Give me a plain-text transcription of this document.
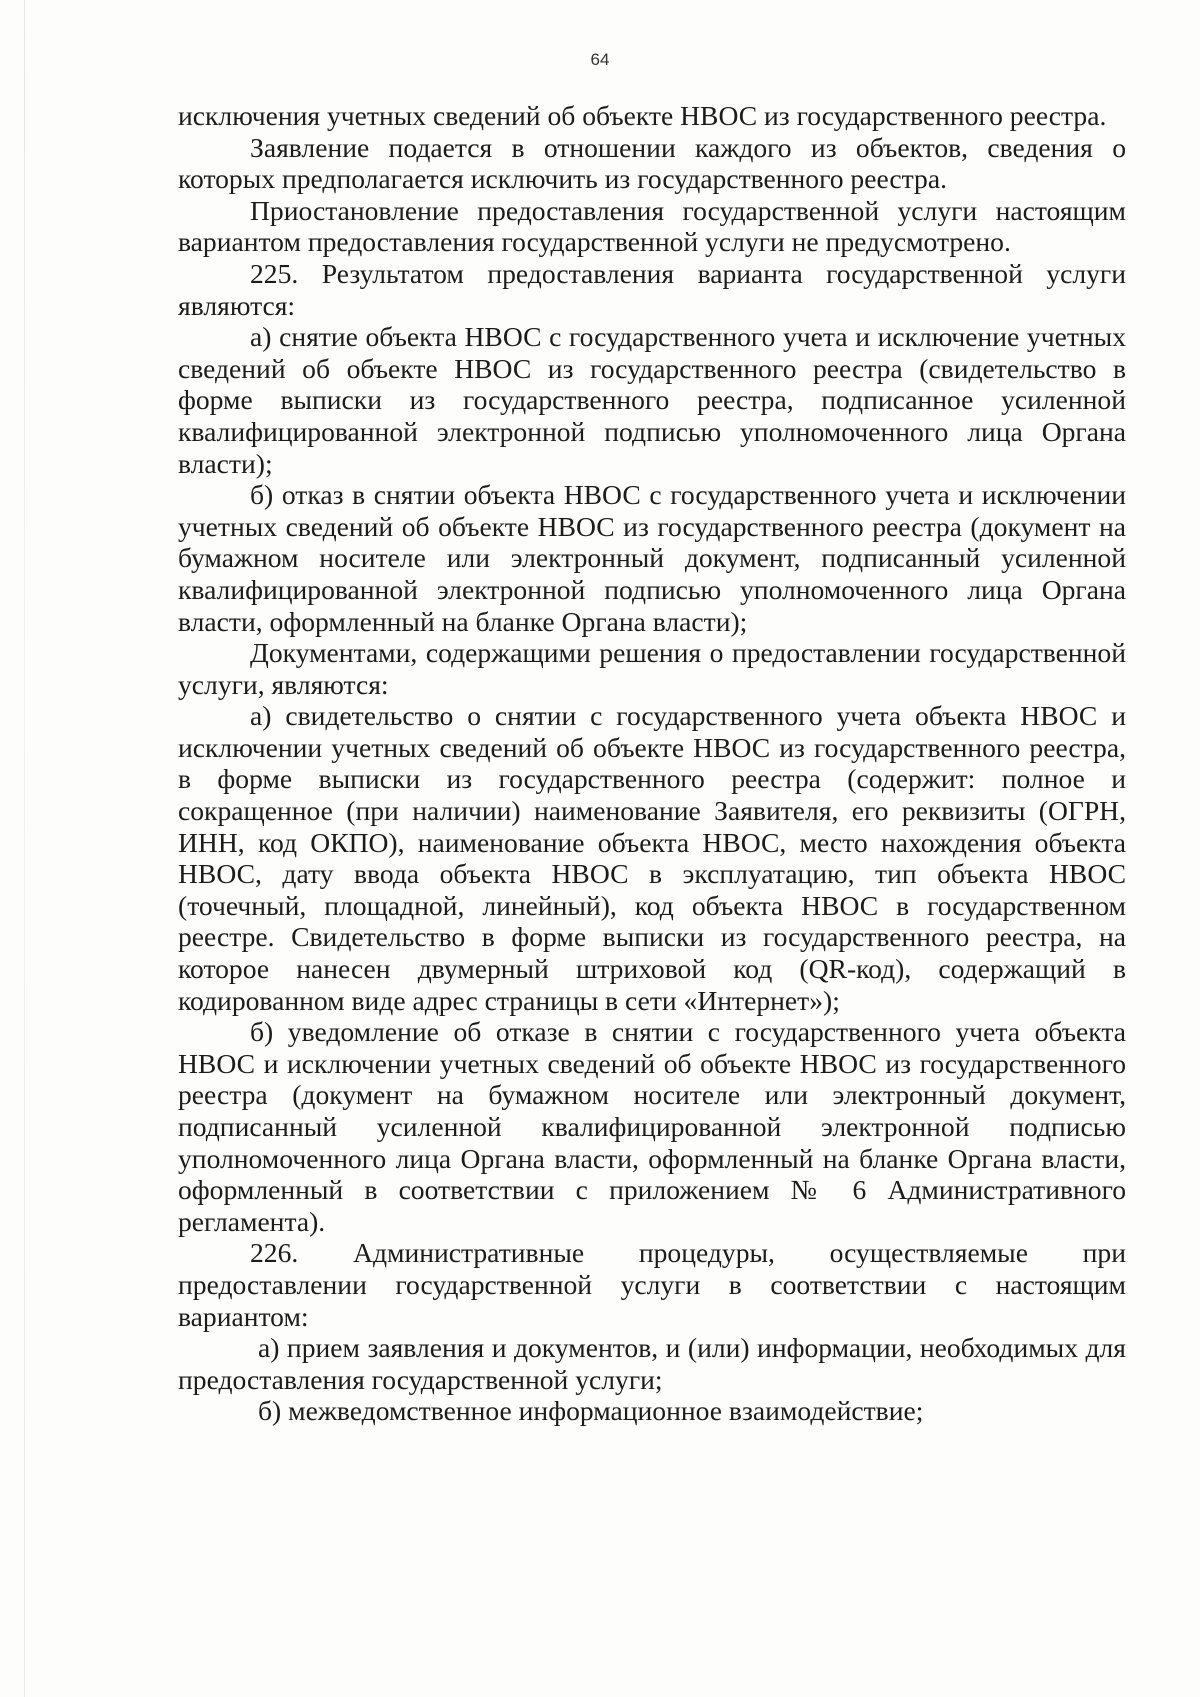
64

исключения учетных сведений об объекте НВОС из государственного реестра.

Заявление подается в отношении каждого из объектов, сведения о которых предполагается исключить из государственного реестра.

Приостановление предоставления государственной услуги настоящим вариантом предоставления государственной услуги не предусмотрено.

225. Результатом предоставления варианта государственной услуги являются:

а) снятие объекта НВОС с государственного учета и исключение учетных сведений об объекте НВОС из государственного реестра (свидетельство в форме выписки из государственного реестра, подписанное усиленной квалифицированной электронной подписью уполномоченного лица Органа власти);

б) отказ в снятии объекта НВОС с государственного учета и исключении учетных сведений об объекте НВОС из государственного реестра (документ на бумажном носителе или электронный документ, подписанный усиленной квалифицированной электронной подписью уполномоченного лица Органа власти, оформленный на бланке Органа власти);

Документами, содержащими решения о предоставлении государственной услуги, являются:

а) свидетельство о снятии с государственного учета объекта НВОС и исключении учетных сведений об объекте НВОС из государственного реестра, в форме выписки из государственного реестра (содержит: полное и сокращенное (при наличии) наименование Заявителя, его реквизиты (ОГРН, ИНН, код ОКПО), наименование объекта НВОС, место нахождения объекта НВОС, дату ввода объекта НВОС в эксплуатацию, тип объекта НВОС (точечный, площадной, линейный), код объекта НВОС в государственном реестре. Свидетельство в форме выписки из государственного реестра, на которое нанесен двумерный штриховой код (QR-код), содержащий в кодированном виде адрес страницы в сети «Интернет»);

б) уведомление об отказе в снятии с государственного учета объекта НВОС и исключении учетных сведений об объекте НВОС из государственного реестра (документ на бумажном носителе или электронный документ, подписанный усиленной квалифицированной электронной подписью уполномоченного лица Органа власти, оформленный на бланке Органа власти, оформленный в соответствии с приложением № 6 Административного регламента).

226. Административные процедуры, осуществляемые при предоставлении государственной услуги в соответствии с настоящим вариантом:

а) прием заявления и документов, и (или) информации, необходимых для предоставления государственной услуги;

б) межведомственное информационное взаимодействие;
